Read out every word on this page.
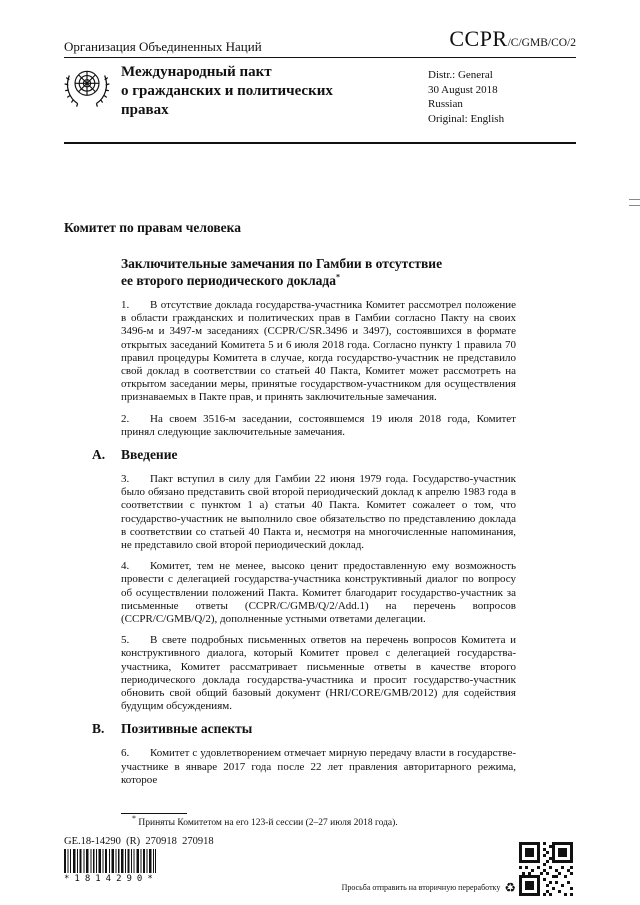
Организация Объединенных Наций	CCPR /C/GMB/CO/2
Международный пакт
о гражданских и политических
правах
Distr.: General
30 August 2018
Russian
Original: English
Комитет по правам человека
Заключительные замечания по Гамбии в отсутствие
ее второго периодического доклада*

1. В отсутствие доклада государства-участника Комитет рассмотрел положение в области гражданских и политических прав в Гамбии согласно Пакту на своих 3496-м и 3497-м заседаниях (CCPR/C/SR.3496 и 3497), состоявшихся в формате открытых заседаний Комитета 5 и 6 июля 2018 года. Согласно пункту 1 правила 70 правил процедуры Комитета в случае, когда государство-участник не представило свой доклад в соответствии со статьей 40 Пакта, Комитет может рассмотреть на открытом заседании меры, принятые государством-участником для осуществления признаваемых в Пакте прав, и принять заключительные замечания.

2. На своем 3516-м заседании, состоявшемся 19 июля 2018 года, Комитет принял следующие заключительные замечания.

A. Введение

3. Пакт вступил в силу для Гамбии 22 июня 1979 года. Государство-участник было обязано представить свой второй периодический доклад к апрелю 1983 года в соответствии с пунктом 1 а) статьи 40 Пакта. Комитет сожалеет о том, что государство-участник не выполнило свое обязательство по представлению доклада в соответствии со статьей 40 Пакта и, несмотря на многочисленные напоминания, не представило свой второй периодический доклад.

4. Комитет, тем не менее, высоко ценит предоставленную ему возможность провести с делегацией государства-участника конструктивный диалог по вопросу об осуществлении положений Пакта. Комитет благодарит государство-участник за письменные ответы (CCPR/C/GMB/Q/2/Add.1) на перечень вопросов (CCPR/C/GMB/Q/2), дополненные устными ответами делегации.

5. В свете подробных письменных ответов на перечень вопросов Комитета и конструктивного диалога, который Комитет провел с делегацией государства-участника, Комитет рассматривает письменные ответы в качестве второго периодического доклада государства-участника и просит государство-участник обновить свой общий базовый документ (HRI/CORE/GMB/2012) для содействия будущим обсуждениям.

B. Позитивные аспекты

6. Комитет с удовлетворением отмечает мирную передачу власти в государстве-участнике в январе 2017 года после 22 лет правления авторитарного режима, которое

* Приняты Комитетом на его 123-й сессии (2–27 июля 2018 года).
GE.18-14290  (R)  270918  270918
*1814290*
Просьба отправить на вторичную переработку ♻
